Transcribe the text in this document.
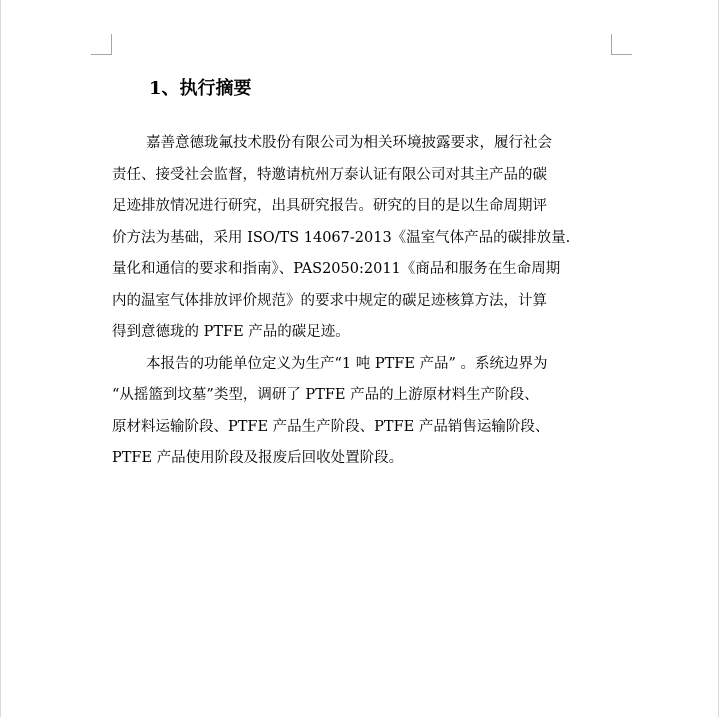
1、执行摘要
嘉善意德珑氟技术股份有限公司为相关环境披露要求，履行社会
责任、接受社会监督，特邀请杭州万泰认证有限公司对其主产品的碳
足迹排放情况进行研究，出具研究报告。研究的目的是以生命周期评
价方法为基础，采用 ISO/TS 14067-2013《温室气体产品的碳排放量.
量化和通信的要求和指南》、PAS2050:2011《商品和服务在生命周期
内的温室气体排放评价规范》的要求中规定的碳足迹核算方法，计算
得到意德珑的 PTFE 产品的碳足迹。
本报告的功能单位定义为生产“1 吨 PTFE 产品” 。系统边界为
“从摇篮到坟墓”类型，调研了 PTFE 产品的上游原材料生产阶段、
原材料运输阶段、PTFE 产品生产阶段、PTFE 产品销售运输阶段、
PTFE 产品使用阶段及报废后回收处置阶段。
